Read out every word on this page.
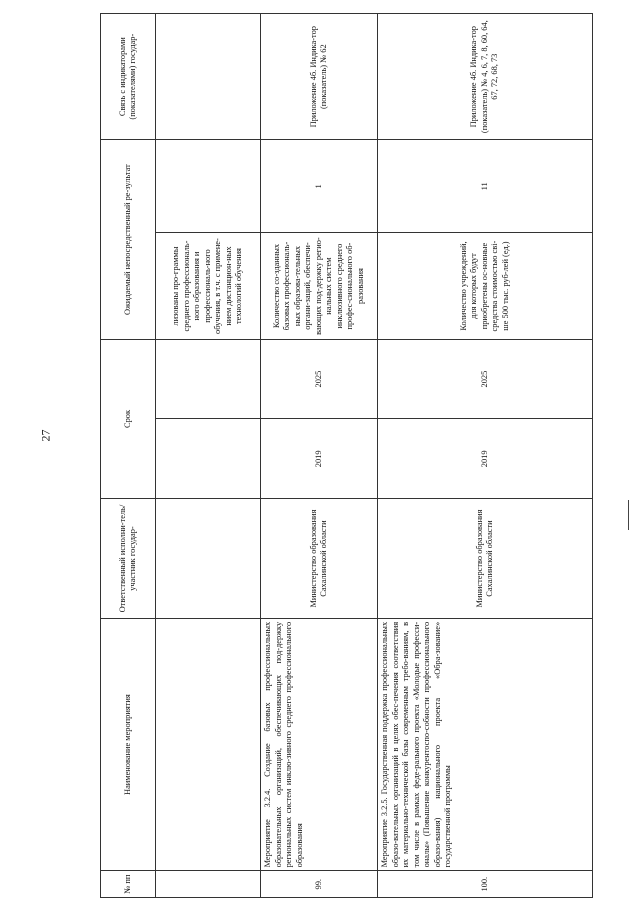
27
№ пп	Наименование мероприятия	Ответственный исполни-тель/участник государ-	Срок		Ожидаемый непосредственный ре-зультат		Связь с индикаторами (показателями) государ-
					лизованы про-граммы среднего профессиональ-ного образования и профессиональ-ного обучения, в т.ч. с примене-нием дистанцион-ных технологий обучения		
99.	Мероприятие 3.2.4. Создание базовых профессиональных образовательных организаций, обеспечивающих под-держку региональных систем инклю-зивного среднего профессионального образования	Министерство образования Сахалинской области	2019	2025	Количество со-зданных базовых профессиональ-ных образова-тельных органи-заций, обеспечи-вающих под-держку регио-нальных систем инклюзивного среднего профес-сионального об-разования	1	Приложение 4б. Индика-тор (показатель) № 62
100.	Мероприятие 3.2.5. Государственная поддержка профессиональных образо-вательных организаций в целях обес-печения соответствия их материально-технической базы современным требо-ваниям, в том числе в рамках феде-рального проекта «Молодые професси-оналы» (Повышение конкурентоспо-собности профессионального образо-вания) национального проекта «Обра-зование» государственной программы	Министерство образования Сахалинской области	2019	2025	Количество учреждений, для которых будут приобретены ос-новные средства стоимостью сві-ше 500 тыс. руб-лей (ед.)	11	Приложение 4б. Индика-тор (показатель) № 4, 6, 7, 8, 60, 64, 67, 72, 68, 73
